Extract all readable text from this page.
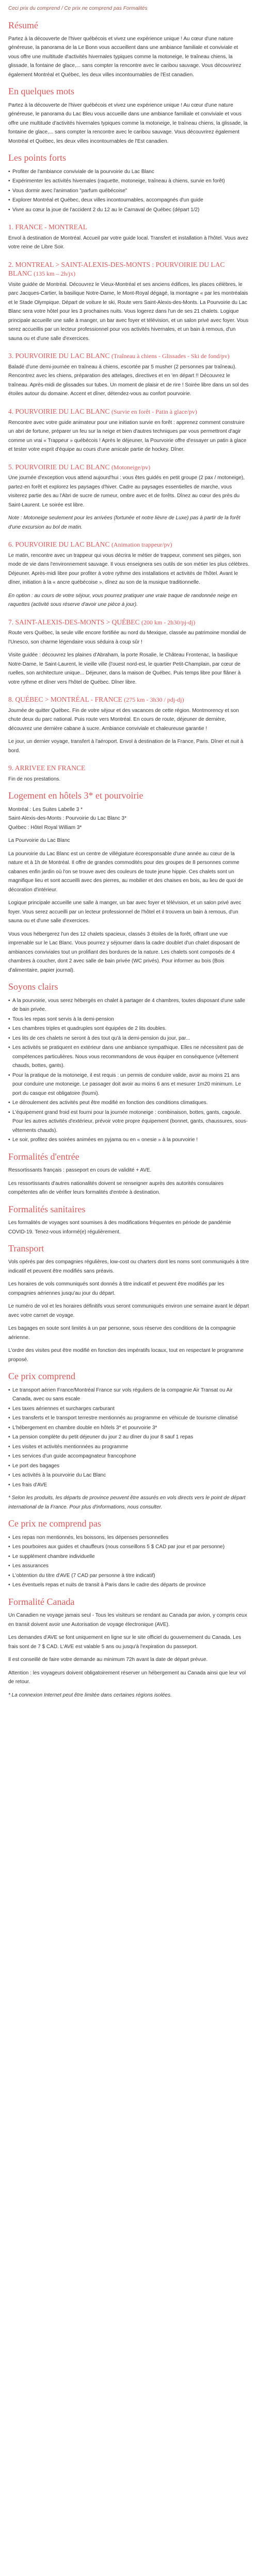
Ceci prix du comprend / Ce prix ne comprend pas Formalités

Résumé

Partez à la découverte de l'hiver québécois et vivez une expérience unique ! Au cœur d'une nature généreuse, la panorama de la Le Bonn vous accueillent dans une ambiance familiale et conviviale et vous offre une multitude d'activités hivernales typiques comme la motoneige, le traîneau chiens, la glissade, la fontaine de glace,... sans compter la rencontre avec le caribou sauvage. Vous découvrirez également Montréal et Québec, les deux villes incontournables de l'Est canadien.

En quelques mots

Partez à la découverte de l'hiver québécois et vivez une expérience unique ! Au cœur d'une nature généreuse, le panorama du Lac Bleu vous accueille dans une ambiance familiale et conviviale et vous offre une multitude d'activités hivernales typiques comme la motoneige, le traîneau chiens, la glissade, la fontaine de glace,... sans compter la rencontre avec le caribou sauvage. Vous découvrirez également Montréal et Québec, les deux villes incontournables de l'Est canadien.

Les points forts
• Profiter de l'ambiance conviviale de la pourvoirie du Lac Blanc
• Expérimenter les activités hivernales (raquette, motoneige, traîneau à chiens, survie en forêt)
• Vous dormir avec l'animation "parfum québécoise"
• Explorer Montréal et Québec, deux villes incontournables, accompagnés d'un guide
• Vivre au cœur la joue de l'accident 2 du 12 au le Carnaval de Québec (départ 1/2)
1. FRANCE - MONTREAL

Envol à destination de Montréal. Accueil par votre guide local. Transfert et installation à l'hôtel. Vous avez votre reine de Libre Soir.

2. MONTREAL > SAINT-ALEXIS-DES-MONTS : POURVOIRIE DU LAC BLANC (135 km – 2h/jx)

Visite guidée de Montréal. Découvrez le Vieux-Montréal et ses anciens édifices, les places célèbres, le parc Jacques-Cartier, la basilique Notre-Dame, le Mont-Royal dégagé, la montagne « par les montréalais et le Stade Olympique. Départ de voiture le ski, Route vers Saint-Alexis-des-Monts. La Pourvoirie du Lac Blanc sera votre hôtel pour les 3 prochaines nuits. Vous logerez dans l'un de ses 21 chalets. Logique principale accueille une salle à manger, un bar avec foyer et télévision, et un salon privé avec foyer. Vous serez accueillis par un lecteur professionnel pour vos activités hivernales, et un bain à remous, d'un sauna ou et d'une salle d'exercices.

3. POURVOIRIE DU LAC BLANC (Traîneau à chiens - Glissades - Ski de fond/pv)

Baladé d'une demi-journée en traîneau à chiens, escortée par 5 musher (2 personnes par traîneau). Rencontrez avec les chiens, préparation des attelages, directives et en 'en départ !! Découvrez le traîneau. Après-midi de glissades sur tubes. Un moment de plaisir et de rire ! Soirée libre dans un sol des étoiles autour du domaine. Accent et dîner, détendez-vous au confort pourvoirie.

4. POURVOIRIE DU LAC BLANC (Survie en forêt - Patin à glace/pv)

Rencontre avec votre guide animateur pour une initiation survie en forêt : apprenez comment construire un abri de fortune, préparer un feu sur la neige et bien d'autres techniques par vous permettront d'agir comme un vrai « Trappeur » québécois ! Après le déjeuner, la Pourvoirie offre d'essayer un patin à glace et tester votre esprit d'équipe au cours d'une amicale partie de hockey. Dîner.

5. POURVOIRIE DU LAC BLANC (Motoneige/pv)

Une journée d'exception vous attend aujourd'hui : vous êtes guidés en petit groupe (2 pax / motoneige), partez-en forêt et explorez les paysages d'hiver. Cadre au paysages essentielles de marche, vous visiterez partie des au l'Abri de sucre de rumeur, ombre avec et de forêts. Dînez au cœur des près du Saint-Laurent. Le soirée est libre.

Note : Motoneige seulement pour les arrivées (fortunée et notre lièvre de Luxe) pas à partir de la forêt d'une excursion au bol de matin.

6. POURVOIRIE DU LAC BLANC (Animation trappeur/pv)

Le matin, rencontre avec un trappeur qui vous décrira le métier de trappeur, comment ses pièges, son mode de vie dans l'environnement sauvage. Il vous enseignera ses outils de son métier les plus célèbres. Déjeuner. Après-midi libre pour profiter à votre rythme des installations et activités de l'hôtel. Avant le dîner, initiation à la « ancre québécoise », dînez au son de la musique traditionnelle.

En option : au cours de votre séjour, vous pourrez pratiquer une vraie traque de randonnée neige en raquettes (activité sous réserve d'avoir une pièce à jour).

7. SAINT-ALEXIS-DES-MONTS > QUÉBEC (200 km - 2h30/pj-dj)

Route vers Québec, la seule ville encore fortifiée au nord du Mexique, classée au patrimoine mondial de l'Unesco, son charme légendaire vous séduira à coup sûr !

Visite guidée : découvrez les plaines d'Abraham, la porte Rosalie, le Château Frontenac, la basilique Notre-Dame, le Saint-Laurent, le vieille ville (l'ouest nord-est, le quartier Petit-Champlain, par cœur de ruelles, son architecture unique... Déjeuner, dans la maison de Québec. Puis temps libre pour flâner à votre rythme et dîner vers l'hôtel de Québec. Dîner libre.

8. QUÉBEC > MONTRÉAL - FRANCE (275 km - 3h30 / pdj-dj)

Journée de quitter Québec. Fin de votre séjour et des vacances de cette région. Montmorency et son chute deux du parc national. Puis route vers Montréal. En cours de route, déjeuner de dernière, découvrez une dernière cabane à sucre. Ambiance conviviale et chaleureuse garantie !

Le jour, un dernier voyage, transfert à l'aéroport. Envol à destination de la France, Paris. Dîner et nuit à bord.

9. ARRIVEE EN FRANCE

Fin de nos prestations.

Logement en hôtels 3* et pourvoirie
Montréal : Les Suites Labelle 3 *
Saint-Alexis-des-Monts : Pourvoirie du Lac Blanc 3*
Québec : Hôtel Royal William 3*

La Pourvoirie du Lac Blanc

La pourvoirie du Lac Blanc est un centre de villégiature écoresponsable d'une année au cœur de la nature et à 1h de Montréal. Il offre de grandes commodités pour des groupes de 8 personnes comme cabanes enfin jardin où l'on se trouve avec des couleurs de toute jeune hippie. Ces chalets sont un magnifique lieu et sont accueilli avec des pierres, au mobilier et des chaises en bois, au lieu de quoi de décoration d'intérieur.

Logique principale accueille une salle à manger, un bar avec foyer et télévision, et un salon privé avec foyer. Vous serez accueilli par un lecteur professionnel de l'hôtel et il trouvera un bain à remous, d'un sauna ou et d'une salle d'exercices.

Vous vous hébergerez l'un des 12 chalets spacieux, classés 3 étoiles de la forêt, offrant une vue imprenable sur le Lac Blanc. Vous pourrez y séjourner dans la cadre doublet d'un chalet disposant de ambiances conviviales tout un prolifiant des bordures de la nature. Les chalets sont composés de 4 chambres à coucher, dont 2 avec salle de bain privée (WC privés). Pour informer au bois (Bois d'alimentaire, papier journal).

Soyons clairs
• A la pourvoirie, vous serez hébergés en chalet à partager de 4 chambres, toutes disposant d'une salle de bain privée.
• Tous les repas sont servis à la demi-pension
• Les chambres triples et quadruples sont équipées de 2 lits doubles.
• Les lits de ces chalets ne seront à des tout qu'à la demi-pension du jour, par...
• Les activités se pratiquent en extérieur dans une ambiance sympathique. Elles ne nécessitent pas de compétences particulières. Nous vous recommandons de vous équiper en conséquence (vêtement chauds, bottes, gants).
• Pour la pratique de la motoneige, il est requis : un permis de conduire valide, avoir au moins 21 ans pour conduire une motoneige. Le passager doit avoir au moins 6 ans et mesurer 1m20 minimum. Le port du casque est obligatoire (fourni).
• Le déroulement des activités peut être modifié en fonction des conditions climatiques.
• L'équipement grand froid est fourni pour la journée motoneige : combinaison, bottes, gants, cagoule. Pour les autres activités d'extérieur, prévoir votre propre équipement (bonnet, gants, chaussures, sous-vêtements chauds).
• Le soir, profitez des soirées animées en pyjama ou en « onesie » à la pourvoirie !
Formalités d'entrée

Ressortissants français : passeport en cours de validité + AVE.

Les ressortissants d'autres nationalités doivent se renseigner auprès des autorités consulaires compétentes afin de vérifier leurs formalités d'entrée à destination.

Formalités sanitaires

Les formalités de voyages sont soumises à des modifications fréquentes en période de pandémie COVID-19. Tenez-vous informé(e) régulièrement.

Transport

Vols opérés par des compagnies régulières, low-cost ou charters dont les noms sont communiqués à titre indicatif et peuvent être modifiés sans préavis.

Les horaires de vols communiqués sont donnés à titre indicatif et peuvent être modifiés par les compagnies aériennes jusqu'au jour du départ.

Le numéro de vol et les horaires définitifs vous seront communiqués environ une semaine avant le départ avec votre carnet de voyage.

Les bagages en soute sont limités à un par personne, sous réserve des conditions de la compagnie aérienne.

L'ordre des visites peut être modifié en fonction des impératifs locaux, tout en respectant le programme proposé.

Ce prix comprend
• Le transport aérien France/Montréal France sur vols réguliers de la compagnie Air Transat ou Air Canada, avec ou sans escale
• Les taxes aériennes et surcharges carburant
• Les transferts et le transport terrestre mentionnés au programme en véhicule de tourisme climatisé
• L'hébergement en chambre double en hôtels 3* et pourvoirie 3*
• La pension complète du petit déjeuner du jour 2 au dîner du jour 8 sauf 1 repas
• Les visites et activités mentionnées au programme
• Les services d'un guide accompagnateur francophone
• Le port des bagages
• Les activités à la pourvoirie du Lac Blanc
• Les frais d'AVE

* Selon les produits, les départs de province peuvent être assurés en vols directs vers le point de départ international de la France. Pour plus d'informations, nous consulter.

Ce prix ne comprend pas
• Les repas non mentionnés, les boissons, les dépenses personnelles
• Les pourboires aux guides et chauffeurs (nous conseillons 5 $ CAD par jour et par personne)
• Le supplément chambre individuelle
• Les assurances
• L'obtention du titre d'AVE (7 CAD par personne à titre indicatif)
• Les éventuels repas et nuits de transit à Paris dans le cadre des départs de province
Formalité Canada

Un Canadien ne voyage jamais seul - Tous les visiteurs se rendant au Canada par avion, y compris ceux en transit doivent avoir une Autorisation de voyage électronique (AVE).

Les demandes d'AVE se font uniquement en ligne sur le site officiel du gouvernement du Canada. Les frais sont de 7 $ CAD. L'AVE est valable 5 ans ou jusqu'à l'expiration du passeport.

Il est conseillé de faire votre demande au minimum 72h avant la date de départ prévue.

Attention : les voyageurs doivent obligatoirement réserver un hébergement au Canada ainsi que leur vol de retour.

* La connexion Internet peut être limitée dans certaines régions isolées.
